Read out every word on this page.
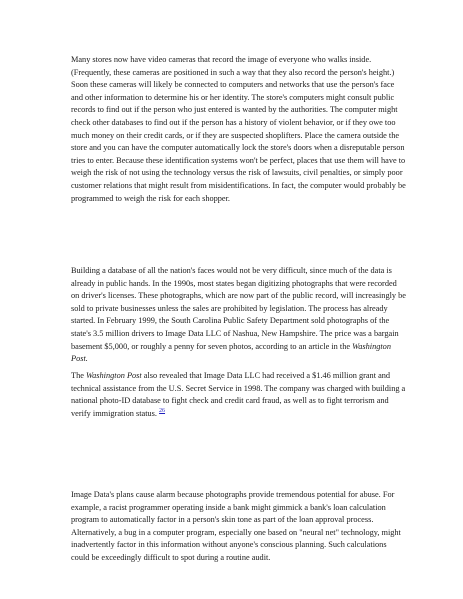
Many stores now have video cameras that record the image of everyone who walks inside. (Frequently, these cameras are positioned in such a way that they also record the person's height.) Soon these cameras will likely be connected to computers and networks that use the person's face and other information to determine his or her identity. The store's computers might consult public records to find out if the person who just entered is wanted by the authorities. The computer might check other databases to find out if the person has a history of violent behavior, or if they owe too much money on their credit cards, or if they are suspected shoplifters. Place the camera outside the store and you can have the computer automatically lock the store's doors when a disreputable person tries to enter. Because these identification systems won't be perfect, places that use them will have to weigh the risk of not using the technology versus the risk of lawsuits, civil penalties, or simply poor customer relations that might result from misidentifications. In fact, the computer would probably be programmed to weigh the risk for each shopper.

Building a database of all the nation's faces would not be very difficult, since much of the data is already in public hands. In the 1990s, most states began digitizing photographs that were recorded on driver's licenses. These photographs, which are now part of the public record, will increasingly be sold to private businesses unless the sales are prohibited by legislation. The process has already started. In February 1999, the South Carolina Public Safety Department sold photographs of the state's 3.5 million drivers to Image Data LLC of Nashua, New Hampshire. The price was a bargain basement $5,000, or roughly a penny for seven photos, according to an article in the Washington Post.

The Washington Post also revealed that Image Data LLC had received a $1.46 million grant and technical assistance from the U.S. Secret Service in 1998. The company was charged with building a national photo-ID database to fight check and credit card fraud, as well as to fight terrorism and verify immigration status. $^{26}$

Image Data's plans cause alarm because photographs provide tremendous potential for abuse. For example, a racist programmer operating inside a bank might gimmick a bank's loan calculation program to automatically factor in a person's skin tone as part of the loan approval process. Alternatively, a bug in a computer program, especially one based on "neural net" technology, might inadvertently factor in this information without anyone's conscious planning. Such calculations could be exceedingly difficult to spot during a routine audit.
